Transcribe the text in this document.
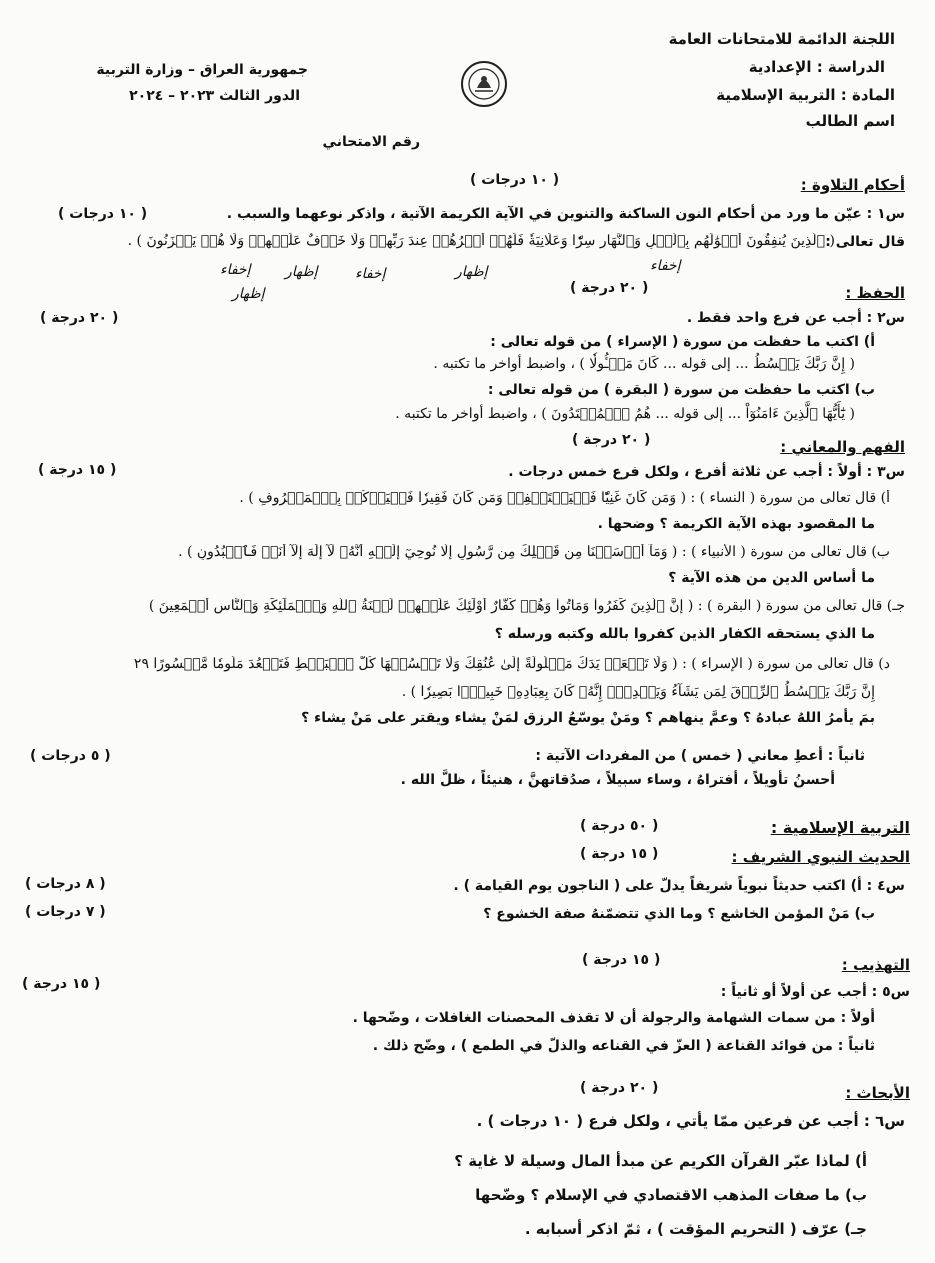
اللجنة الدائمة للامتحانات العامة
الدراسة : الإعدادية
المادة : التربية الإسلامية
اسم الطالب
جمهورية العراق – وزارة التربية
الدور الثالث ٢٠٢٣ – ٢٠٢٤
رقم الامتحاني
أحكام التلاوة :
( ١٠ درجات )
س١ : عيّن ما ورد من أحكام النون الساكنة والتنوين في الآية الكريمة الآتية ، واذكر نوعهما والسبب .
( ١٠ درجات )
قال تعالى :
( ٱلَّذِينَ يُنفِقُونَ أَمۡوَٰلَهُم بِٱلَّيۡلِ وَٱلنَّهَارِ سِرّٗا وَعَلَانِيَةٗ فَلَهُمۡ أَجۡرُهُمۡ عِندَ رَبِّهِمۡ وَلَا خَوۡفٌ عَلَيۡهِمۡ وَلَا هُمۡ يَحۡزَنُونَ ) .
إخفاء
إظهار
إخفاء
إظهار
إخفاء
إظهار	الحفظ :
( ٢٠ درجة )
س٢ : أجب عن فرع واحد فقط .
( ٢٠ درجة )
أ) اكتب ما حفظت من سورة ( الإسراء ) من قوله تعالى :
( إِنَّ رَبَّكَ يَبۡسُطُ ... إلى قوله ... كَانَ مَسۡـُٔولٗا ) ، واضبط أواخر ما تكتبه .
ب) اكتب ما حفظت من سورة ( البقرة ) من قوله تعالى :
( يَٰٓأَيُّهَا ٱلَّذِينَ ءَامَنُوٓاْ ... إلى قوله ... هُمُ ٱلۡمُهۡتَدُونَ ) ، واضبط أواخر ما تكتبه .
الفهم والمعاني :
( ٢٠ درجة )
س٣ : أولاً : أجب عن ثلاثة أفرع ، ولكل فرع خمس درجات .
( ١٥ درجة )
أ) قال تعالى من سورة ( النساء ) : ( وَمَن كَانَ غَنِيّٗا فَلۡيَسۡتَعۡفِفۡ وَمَن كَانَ فَقِيرٗا فَلۡيَأۡكُلۡ بِٱلۡمَعۡرُوفِ ) .
ما المقصود بهذه الآية الكريمة ؟ وضحها .
ب) قال تعالى من سورة ( الأنبياء ) : ( وَمَآ أَرۡسَلۡنَا مِن قَبۡلِكَ مِن رَّسُولٍ إِلَّا نُوحِيٓ إِلَيۡهِ أَنَّهُۥ لَآ إِلَٰهَ إِلَّآ أَنَا۠ فَٱعۡبُدُونِ ) .
ما أساس الدين من هذه الآية ؟
جـ) قال تعالى من سورة ( البقرة ) : ( إِنَّ ٱلَّذِينَ كَفَرُواْ وَمَاتُواْ وَهُمۡ كُفَّارٌ أُوْلَٰٓئِكَ عَلَيۡهِمۡ لَعۡنَةُ ٱللَّهِ وَٱلۡمَلَٰٓئِكَةِ وَٱلنَّاسِ أَجۡمَعِينَ )
ما الذي يستحقه الكفار الذين كفروا بالله وكتبه ورسله ؟
د) قال تعالى من سورة ( الإسراء ) : ( وَلَا تَجۡعَلۡ يَدَكَ مَغۡلُولَةً إِلَىٰ عُنُقِكَ وَلَا تَبۡسُطۡهَا كُلَّ ٱلۡبَسۡطِ فَتَقۡعُدَ مَلُومٗا مَّحۡسُورًا ٢٩
إِنَّ رَبَّكَ يَبۡسُطُ ٱلرِّزۡقَ لِمَن يَشَآءُ وَيَقۡدِرُۚ إِنَّهُۥ كَانَ بِعِبَادِهِۦ خَبِيرَۢا بَصِيرٗا ) .
بمَ يأمرُ اللهُ عبادهُ ؟ وعمَّ ينهاهم ؟ ومَنْ يوسّعُ الرزق لمَنْ يشاء ويقتر على مَنْ يشاء ؟
ثانياً : أعطِ معاني ( خمس ) من المفردات الآتية :
( ٥ درجات )
أحسنُ تأويلاً ، أفتراهُ ، وساء سبيلاً ، صدُقاتهنَّ ، هنيئاً ، ظلَّ الله .
التربية الإسلامية :
( ٥٠ درجة )
الحديث النبوي الشريف :
( ١٥ درجة )
س٤ : أ) اكتب حديثاً نبوياً شريفاً يدلّ على ( الناجون يوم القيامة ) .
( ٨ درجات )
ب) مَنْ المؤمن الخاشع ؟ وما الذي تتضمّنهُ صفة الخشوع ؟
( ٧ درجات )
التهذيب :
( ١٥ درجة )
س٥ : أجب عن أولاً أو ثانياً :
( ١٥ درجة )
أولاً : من سمات الشهامة والرجولة أن لا تقذف المحصنات الغافلات ، وضّحها .
ثانياً : من فوائد القناعة ( العزّ في القناعه والذلّ في الطمع ) ، وضّح ذلك .
الأبحاث :
( ٢٠ درجة )
س٦ : أجب عن فرعين ممّا يأتي ، ولكل فرع ( ١٠ درجات ) .
أ) لماذا عبّر القرآن الكريم عن مبدأ المال وسيلة لا غاية ؟
ب) ما صفات المذهب الاقتصادي في الإسلام ؟ وضّحها
جـ) عرّف ( التحريم المؤقت ) ، ثمّ اذكر أسبابه .
